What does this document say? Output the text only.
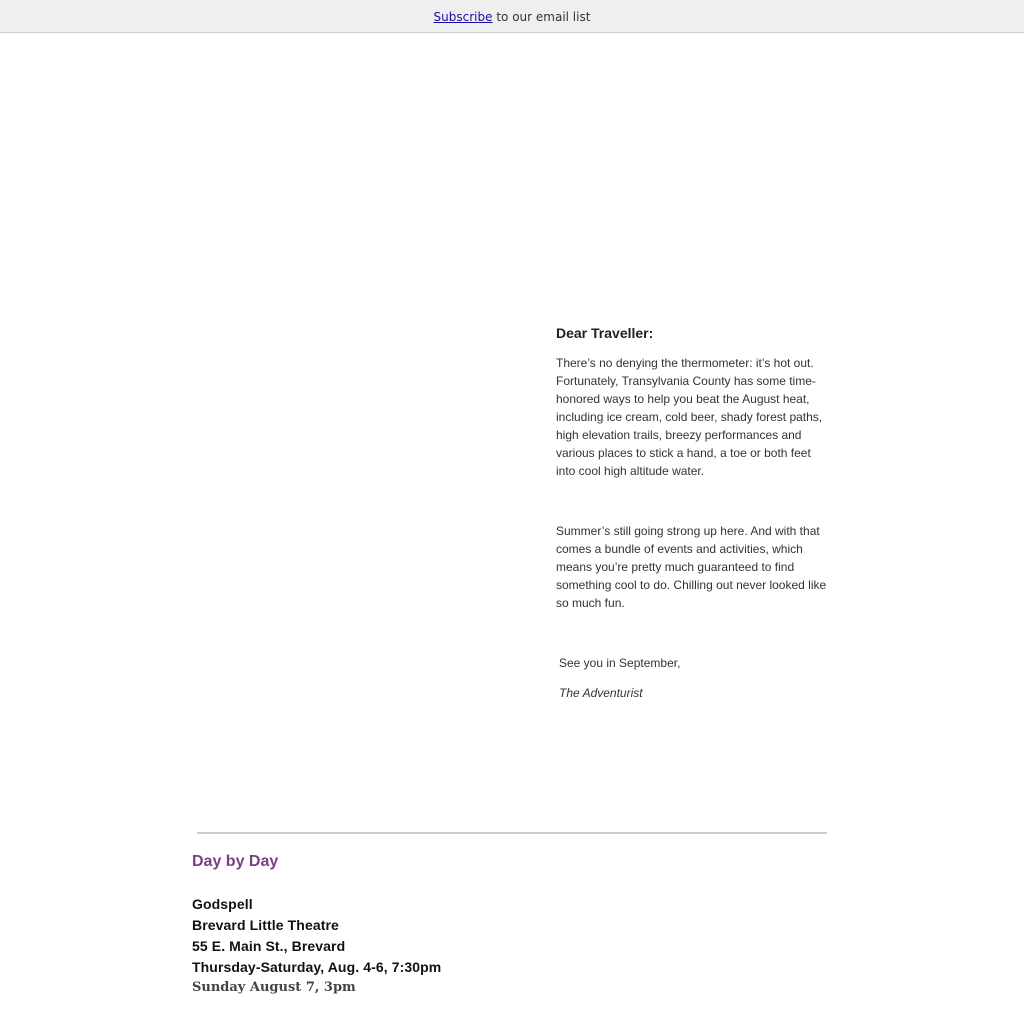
Subscribe to our email list

Dear Traveller:

There’s no denying the thermometer: it’s hot out. Fortunately, Transylvania County has some time-honored ways to help you beat the August heat, including ice cream, cold beer, shady forest paths, high elevation trails, breezy performances and various places to stick a hand, a toe or both feet into cool high altitude water.

Summer’s still going strong up here. And with that comes a bundle of events and activities, which means you’re pretty much guaranteed to find something cool to do. Chilling out never looked like so much fun.

See you in September,

The Adventurist

Day by Day
Godspell
Brevard Little Theatre
55 E. Main St., Brevard
Thursday-Saturday, Aug. 4-6, 7:30pm
Sunday August 7, 3pm
